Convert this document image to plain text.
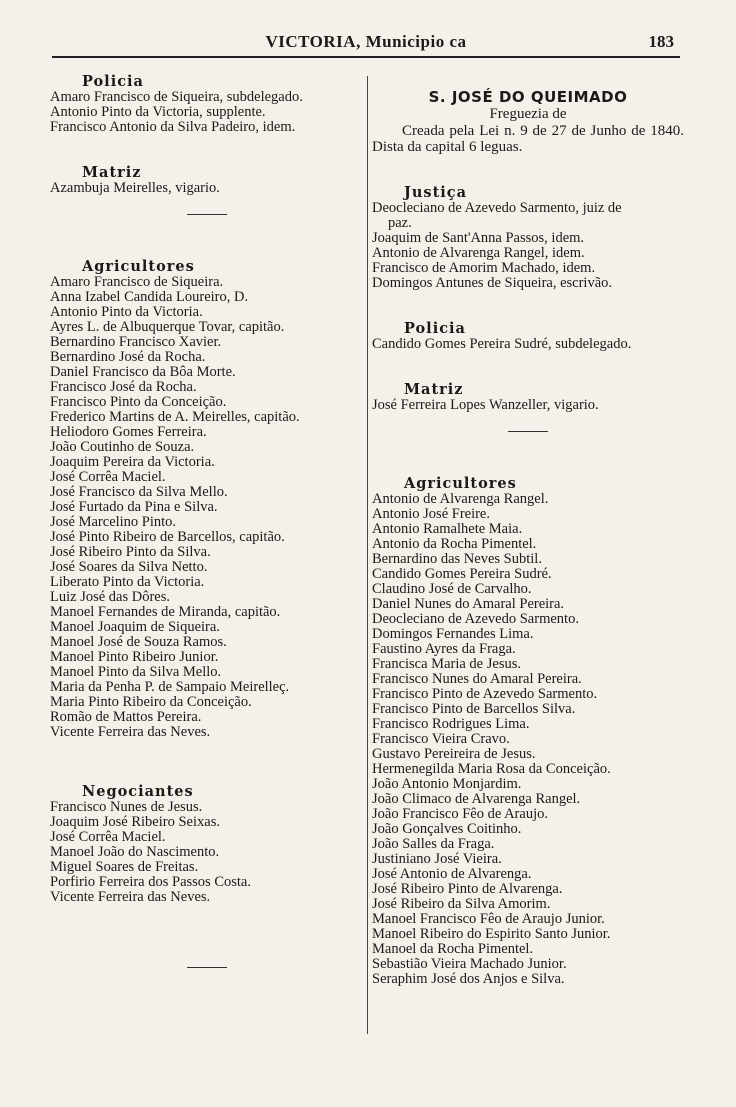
VICTORIA, Municipio ca	183
Policia
Amaro Francisco de Siqueira, subdelegado.
Antonio Pinto da Victoria, supplente.
Francisco Antonio da Silva Padeiro, idem.
Matriz
Azambuja Meirelles, vigario.
Agricultores
Amaro Francisco de Siqueira.
Anna Izabel Candida Loureiro, D.
Antonio Pinto da Victoria.
Ayres L. de Albuquerque Tovar, capitão.
Bernardino Francisco Xavier.
Bernardino José da Rocha.
Daniel Francisco da Bôa Morte.
Francisco José da Rocha.
Francisco Pinto da Conceição.
Frederico Martins de A. Meirelles, capitão.
Heliodoro Gomes Ferreira.
João Coutinho de Souza.
Joaquim Pereira da Victoria.
José Corrêa Maciel.
José Francisco da Silva Mello.
José Furtado da Pina e Silva.
José Marcelino Pinto.
José Pinto Ribeiro de Barcellos, capitão.
José Ribeiro Pinto da Silva.
José Soares da Silva Netto.
Liberato Pinto da Victoria.
Luiz José das Dôres.
Manoel Fernandes de Miranda, capitão.
Manoel Joaquim de Siqueira.
Manoel José de Souza Ramos.
Manoel Pinto Ribeiro Junior.
Manoel Pinto da Silva Mello.
Maria da Penha P. de Sampaio Meirelleç.
Maria Pinto Ribeiro da Conceição.
Romão de Mattos Pereira.
Vicente Ferreira das Neves.
Negociantes
Francisco Nunes de Jesus.
Joaquim José Ribeiro Seixas.
José Corrêa Maciel.
Manoel João do Nascimento.
Miguel Soares de Freitas.
Porfirio Ferreira dos Passos Costa.
Vicente Ferreira das Neves.
S. JOSÉ DO QUEIMADO
Freguezia de
Creada pela Lei n. 9 de 27 de Junho de 1840. Dista da capital 6 leguas.
Justiça
Deocleciano de Azevedo Sarmento, juiz de
paz.
Joaquim de Sant'Anna Passos, idem.
Antonio de Alvarenga Rangel, idem.
Francisco de Amorim Machado, idem.
Domingos Antunes de Siqueira, escrivão.
Policia
Candido Gomes Pereira Sudré, subdelegado.
Matriz
José Ferreira Lopes Wanzeller, vigario.
Agricultores
Antonio de Alvarenga Rangel.
Antonio José Freire.
Antonio Ramalhete Maia.
Antonio da Rocha Pimentel.
Bernardino das Neves Subtil.
Candido Gomes Pereira Sudré.
Claudino José de Carvalho.
Daniel Nunes do Amaral Pereira.
Deocleciano de Azevedo Sarmento.
Domingos Fernandes Lima.
Faustino Ayres da Fraga.
Francisca Maria de Jesus.
Francisco Nunes do Amaral Pereira.
Francisco Pinto de Azevedo Sarmento.
Francisco Pinto de Barcellos Silva.
Francisco Rodrigues Lima.
Francisco Vieira Cravo.
Gustavo Pereireira de Jesus.
Hermenegilda Maria Rosa da Conceição.
João Antonio Monjardim.
João Climaco de Alvarenga Rangel.
João Francisco Fêo de Araujo.
João Gonçalves Coitinho.
João Salles da Fraga.
Justiniano José Vieira.
José Antonio de Alvarenga.
José Ribeiro Pinto de Alvarenga.
José Ribeiro da Silva Amorim.
Manoel Francisco Fêo de Araujo Junior.
Manoel Ribeiro do Espirito Santo Junior.
Manoel da Rocha Pimentel.
Sebastião Vieira Machado Junior.
Seraphim José dos Anjos e Silva.
